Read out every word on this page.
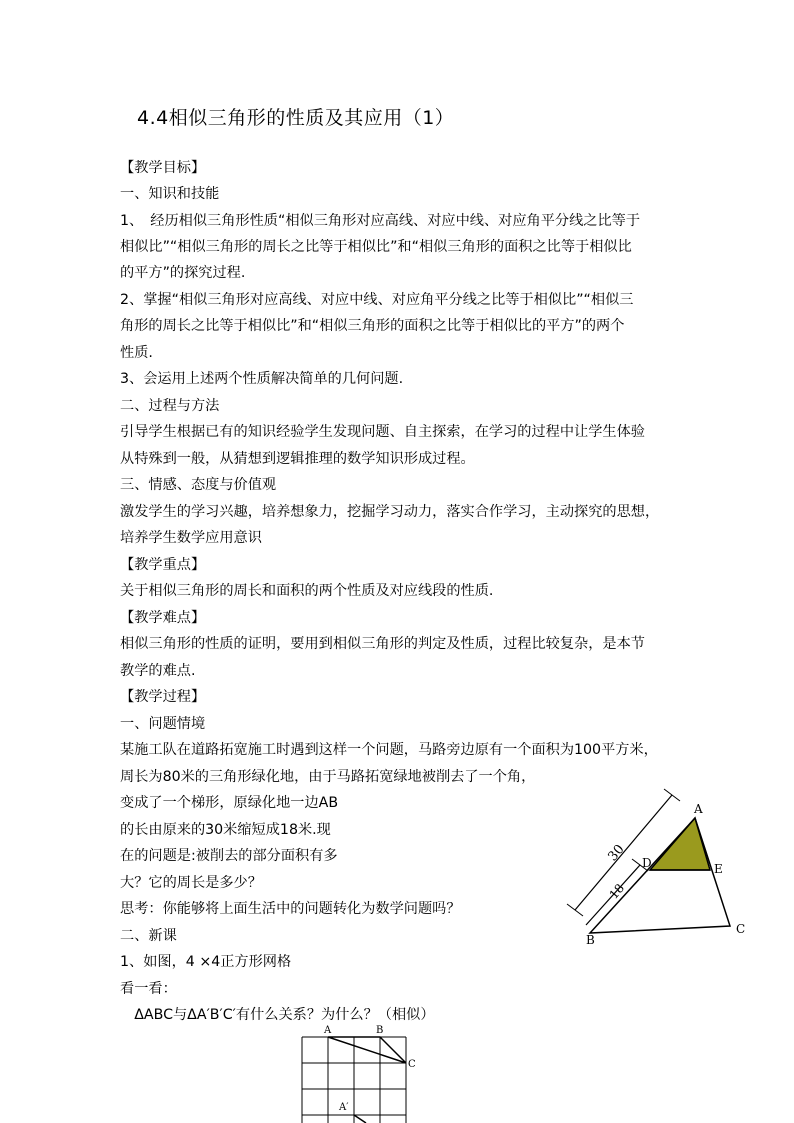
4.4相似三角形的性质及其应用（1）
【教学目标】
一、知识和技能
1、　经历相似三角形性质“相似三角形对应高线、对应中线、对应角平分线之比等于
相似比”“相似三角形的周长之比等于相似比”和“相似三角形的面积之比等于相似比
的平方”的探究过程.
2、掌握“相似三角形对应高线、对应中线、对应角平分线之比等于相似比”“相似三
角形的周长之比等于相似比”和“相似三角形的面积之比等于相似比的平方”的两个
性质.
3、会运用上述两个性质解决简单的几何问题.
二、过程与方法
引导学生根据已有的知识经验学生发现问题、自主探索，在学习的过程中让学生体验
从特殊到一般，从猜想到逻辑推理的数学知识形成过程。
三、情感、态度与价值观
激发学生的学习兴趣，培养想象力，挖掘学习动力，落实合作学习，主动探究的思想，
培养学生数学应用意识
【教学重点】
关于相似三角形的周长和面积的两个性质及对应线段的性质.
【教学难点】
相似三角形的性质的证明，要用到相似三角形的判定及性质，过程比较复杂，是本节
教学的难点.
【教学过程】
一、问题情境
某施工队在道路拓宽施工时遇到这样一个问题，马路旁边原有一个面积为100平方米，
周长为80米的三角形绿化地，由于马路拓宽绿地被削去了一个角，
变成了一个梯形，原绿化地一边AB
的长由原来的30米缩短成18米.现
在的问题是:被削去的部分面积有多
大？它的周长是多少？
思考：你能够将上面生活中的问题转化为数学问题吗？
二、新课
1、如图，4 ×4正方形网格
看一看：
　ΔABC与ΔA′B′C′有什么关系？为什么？（相似）
30
18
A
B
C
D	E
A	B
C
A′
